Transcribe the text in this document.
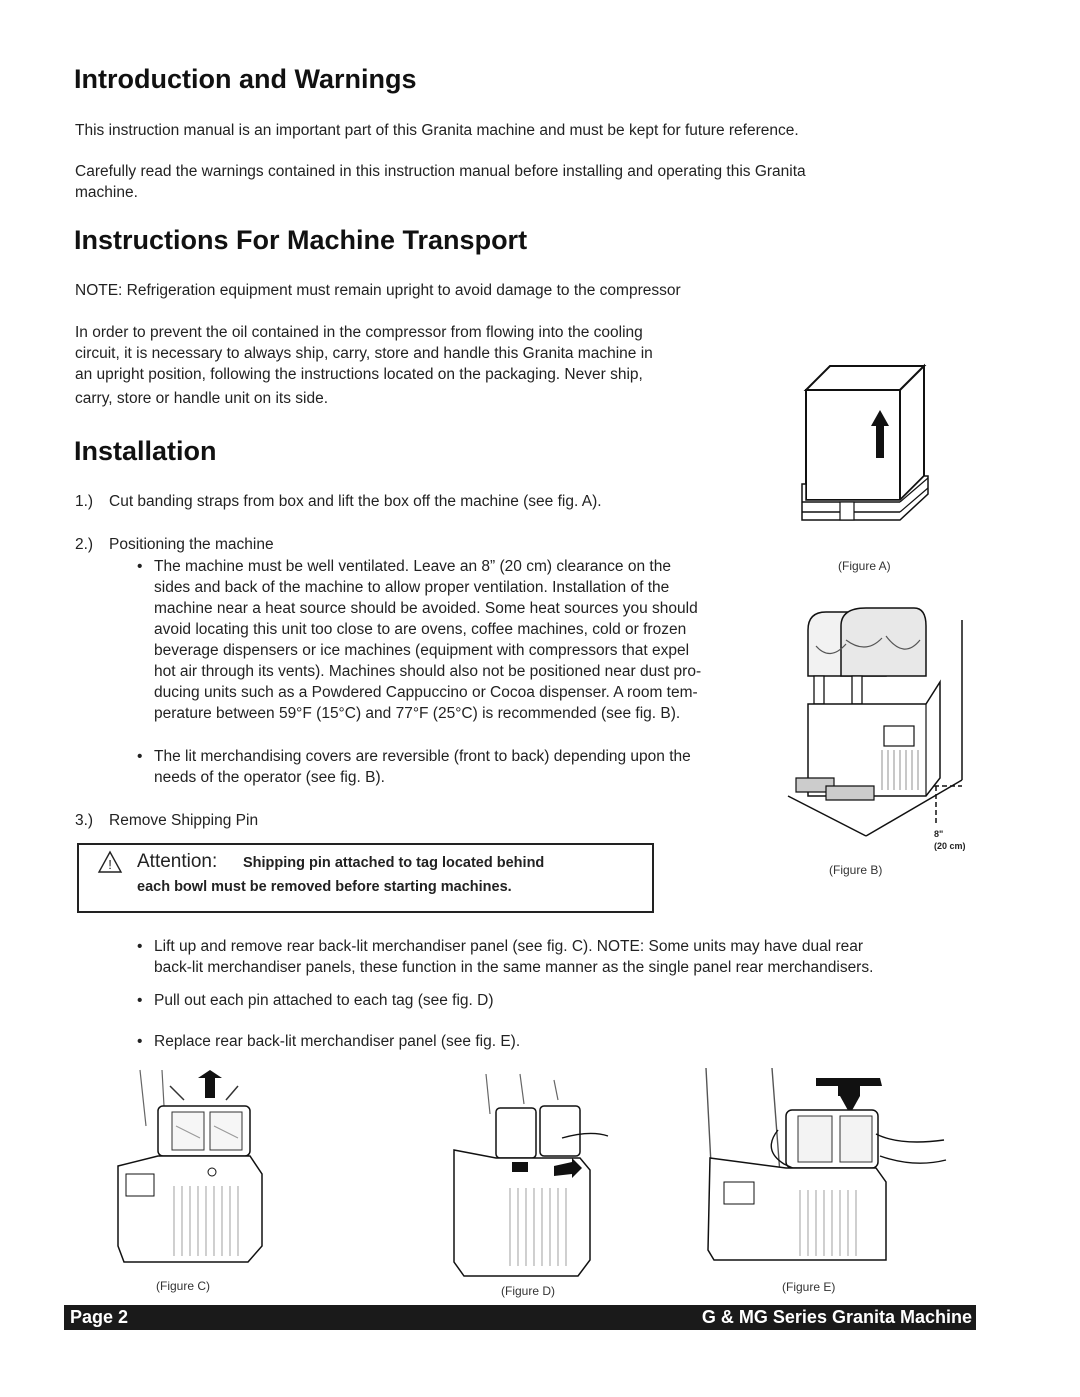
Introduction and Warnings
This instruction manual is an important part of this Granita machine and must be kept for future reference.
Carefully read the warnings contained in this instruction manual before installing and operating this Granita
machine.
Instructions For Machine Transport
NOTE: Refrigeration equipment must remain upright to avoid damage to the compressor
In order to prevent the oil contained in the compressor from flowing into the cooling
circuit, it is necessary to always ship, carry, store and handle this Granita machine in
an upright position, following the instructions located on the packaging. Never ship,
carry, store or handle unit on its side.
Installation
1.) Cut banding straps from box and lift the box off the machine (see fig. A).
2.) Positioning the machine
• The machine must be well ventilated. Leave an 8” (20 cm) clearance on the
sides and back of the machine to allow proper ventilation. Installation of the
machine near a heat source should be avoided. Some heat sources you should
avoid locating this unit too close to are ovens, coffee machines, cold or frozen
beverage dispensers or ice machines (equipment with compressors that expel
hot air through its vents). Machines should also not be positioned near dust pro-
ducing units such as a Powdered Cappuccino or Cocoa dispenser. A room tem-
perature between 59°F (15°C) and 77°F (25°C) is recommended (see fig. B).
• The lit merchandising covers are reversible (front to back) depending upon the
needs of the operator (see fig. B).
3.) Remove Shipping Pin
! Attention: Shipping pin attached to tag located behind
each bowl must be removed before starting machines.
• Lift up and remove rear back-lit merchandiser panel (see fig. C). NOTE: Some units may have dual rear
back-lit merchandiser panels, these function in the same manner as the single panel rear merchandisers.
• Pull out each pin attached to each tag (see fig. D)
• Replace rear back-lit merchandiser panel (see fig. E).
(Figure A)
8"
(20 cm)
(Figure B)
(Figure C)	(Figure D)	(Figure E)
Page 2	G & MG Series Granita Machine
